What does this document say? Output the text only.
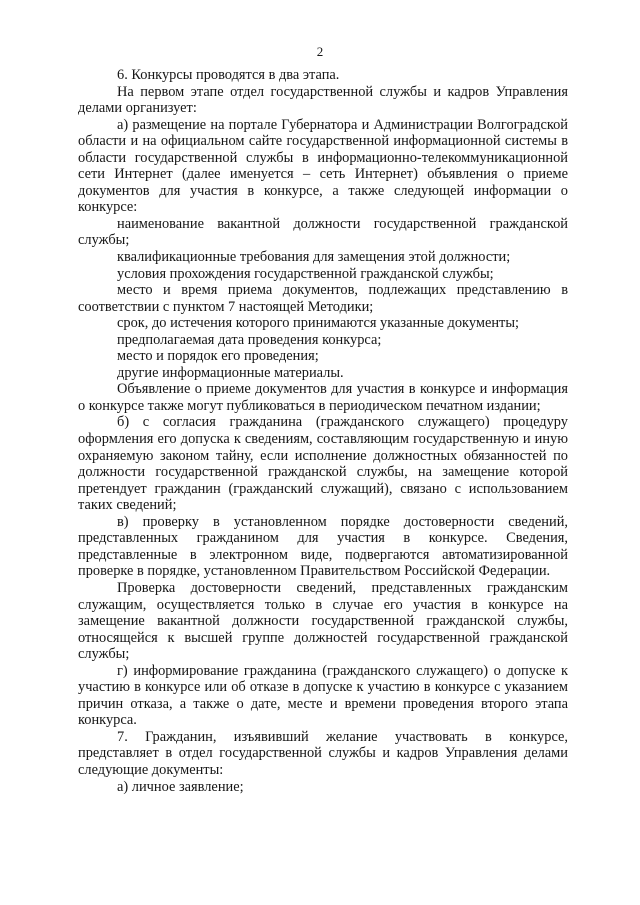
2

6. Конкурсы проводятся в два этапа.

На первом этапе отдел государственной службы и кадров Управления делами организует:

а) размещение на портале Губернатора и Администрации Волгоградской области и на официальном сайте государственной информационной системы в области государственной службы в информационно-телекоммуникационной сети Интернет (далее именуется – сеть Интернет) объявления о приеме документов для участия в конкурсе, а также следующей информации о конкурсе:

наименование вакантной должности государственной гражданской службы;

квалификационные требования для замещения этой должности;

условия прохождения государственной гражданской службы;

место и время приема документов, подлежащих представлению в соответствии с пунктом 7 настоящей Методики;

срок, до истечения которого принимаются указанные документы;

предполагаемая дата проведения конкурса;

место и порядок его проведения;

другие информационные материалы.

Объявление о приеме документов для участия в конкурсе и информация о конкурсе также могут публиковаться в периодическом печатном издании;

б) с согласия гражданина (гражданского служащего) процедуру оформления его допуска к сведениям, составляющим государственную и иную охраняемую законом тайну, если исполнение должностных обязанностей по должности государственной гражданской службы, на замещение которой претендует гражданин (гражданский служащий), связано с использованием таких сведений;

в) проверку в установленном порядке достоверности сведений, представленных гражданином для участия в конкурсе. Сведения, представленные в электронном виде, подвергаются автоматизированной проверке в порядке, установленном Правительством Российской Федерации.

Проверка достоверности сведений, представленных гражданским служащим, осуществляется только в случае его участия в конкурсе на замещение вакантной должности государственной гражданской службы, относящейся к высшей группе должностей государственной гражданской службы;

г) информирование гражданина (гражданского служащего) о допуске к участию в конкурсе или об отказе в допуске к участию в конкурсе с указанием причин отказа, а также о дате, месте и времени проведения второго этапа конкурса.

7. Гражданин, изъявивший желание участвовать в конкурсе, представляет в отдел государственной службы и кадров Управления делами следующие документы:

а) личное заявление;
